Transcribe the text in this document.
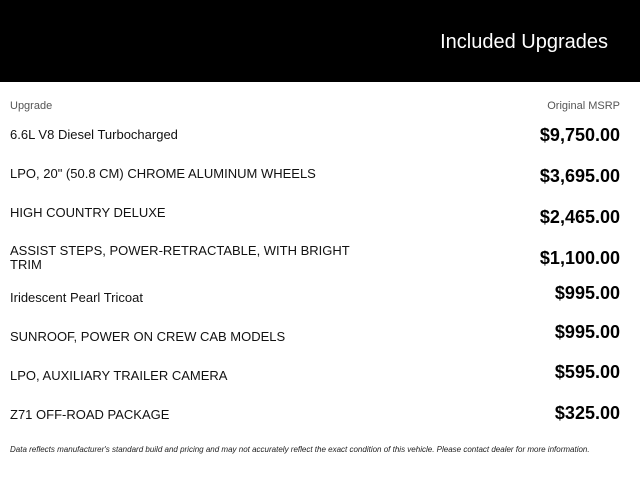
Included Upgrades
Upgrade	Original MSRP
6.6L V8 Diesel Turbocharged	$9,750.00
LPO, 20" (50.8 CM) CHROME ALUMINUM WHEELS	$3,695.00
HIGH COUNTRY DELUXE	$2,465.00
ASSIST STEPS, POWER-RETRACTABLE, WITH BRIGHT TRIM	$1,100.00
Iridescent Pearl Tricoat	$995.00
SUNROOF, POWER ON CREW CAB MODELS	$995.00
LPO, AUXILIARY TRAILER CAMERA	$595.00
Z71 OFF-ROAD PACKAGE	$325.00
Data reflects manufacturer's standard build and pricing and may not accurately reflect the exact condition of this vehicle. Please contact dealer for more information.
